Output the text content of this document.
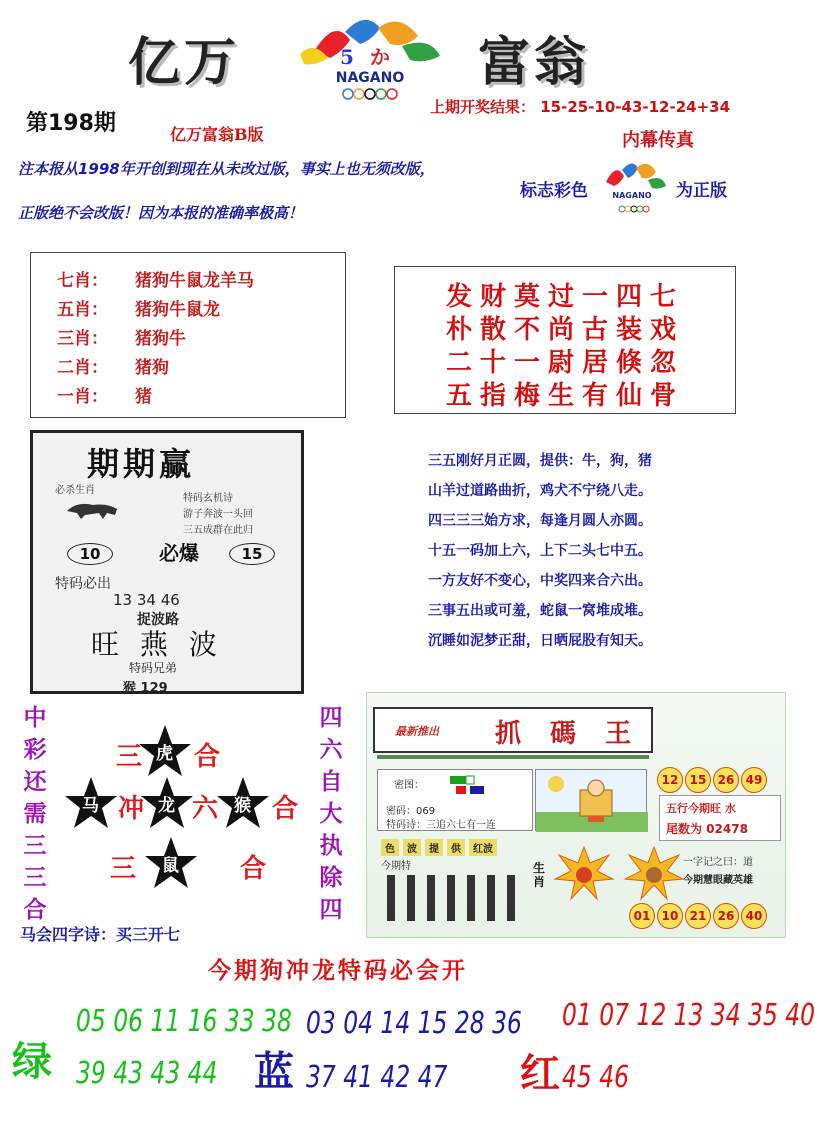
亿万	5 か
NAGANO 富翁
第198期	亿万富翁B版
上期开奖结果： 15-25-10-43-12-24+34
内幕传真
注本报从1998年开创到现在从未改过版，事实上也无须改版，
正版绝不会改版！因为本报的准确率极高！
标志彩色	NAGANO 为正版
七肖： 猪狗牛鼠龙羊马
五肖： 猪狗牛鼠龙
三肖： 猪狗牛
二肖： 猪狗
一肖： 猪
发财莫过一四七
朴散不尚古装戏
二十一尉居倏忽
五指梅生有仙骨
期期赢
必杀生肖
特码玄机诗
游子奔波一头回
三五成群在此归
10	必爆	15
特码必出
13 34 46
捉波路
旺 燕 波
特码兄弟
猴 129
三五刚好月正圆，提供：牛，狗，猪
山羊过道路曲折，鸡犬不宁绕八走。
四三三三始方求，每逢月圆人亦圆。
十五一码加上六，上下二头七中五。
一方友好不变心，中奖四来合六出。
三事五出或可羞，蛇鼠一窝堆成堆。
沉睡如泥梦正甜，日晒屁股有知天。
中
彩
还
需
三
三
合
三 虎 合
马 冲 龙 六 猴 合
三 鼠 合
四
六
自
大
执
除
四
最新推出 抓 碼 王
密图：
密码：069
特码诗：三追六七有一连
12 15 26 49
五行今期旺 水
尾数为 02478
色 波 提 供 红波
今期特	生
肖
一字记之曰：道
今期慧眼藏英雄
01 10 21 26 40
马会四字诗：买三开七
今期狗冲龙特码必会开
绿
05 06 11 16 33 38
39 43 43 44 蓝
03 04 14 15 28 36
37 41 42 47 红
01 07 12 13 34 35 40
45 46
